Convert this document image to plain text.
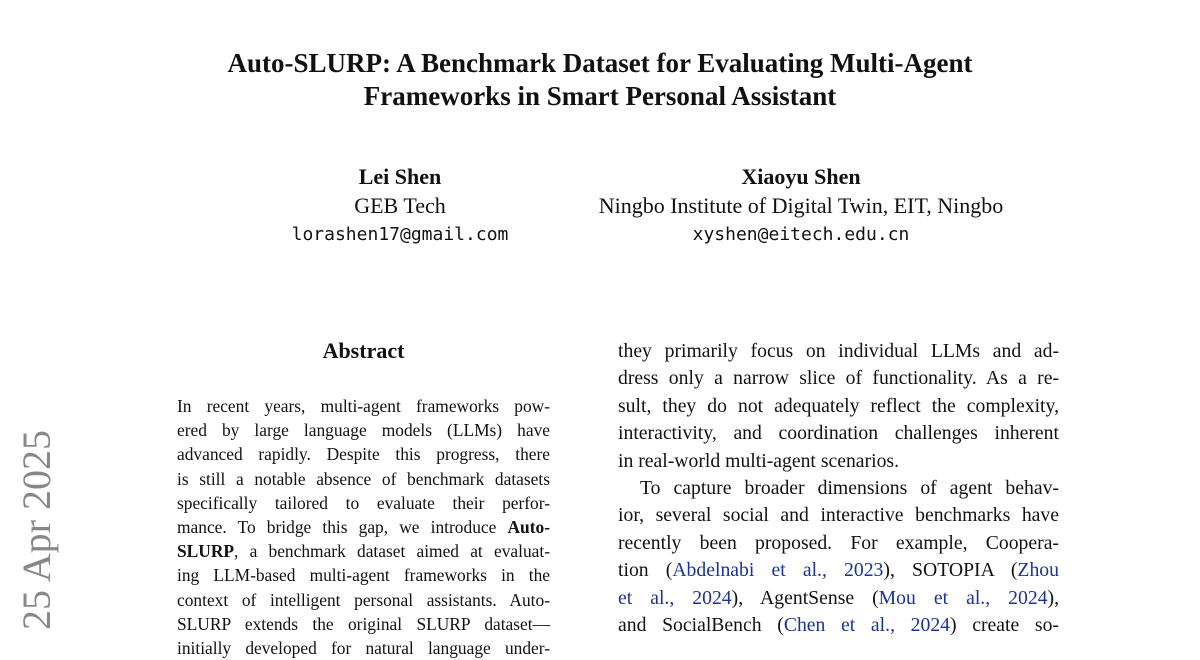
Auto-SLURP: A Benchmark Dataset for Evaluating Multi-Agent
Frameworks in Smart Personal Assistant
Lei Shen
GEB Tech
lorashen17@gmail.com
Xiaoyu Shen
Ningbo Institute of Digital Twin, EIT, Ningbo
xyshen@eitech.edu.cn
25 Apr 2025
Abstract
In recent years, multi-agent frameworks pow-
ered by large language models (LLMs) have
advanced rapidly. Despite this progress, there
is still a notable absence of benchmark datasets
specifically tailored to evaluate their perfor-
mance. To bridge this gap, we introduce Auto-
SLURP, a benchmark dataset aimed at evaluat-
ing LLM-based multi-agent frameworks in the
context of intelligent personal assistants. Auto-
SLURP extends the original SLURP dataset—
initially developed for natural language under-
they primarily focus on individual LLMs and ad-
dress only a narrow slice of functionality. As a re-
sult, they do not adequately reflect the complexity,
interactivity, and coordination challenges inherent
in real-world multi-agent scenarios.
To capture broader dimensions of agent behav-
ior, several social and interactive benchmarks have
recently been proposed. For example, Coopera-
tion (Abdelnabi et al., 2023), SOTOPIA (Zhou
et al., 2024), AgentSense (Mou et al., 2024),
and SocialBench (Chen et al., 2024) create so-
